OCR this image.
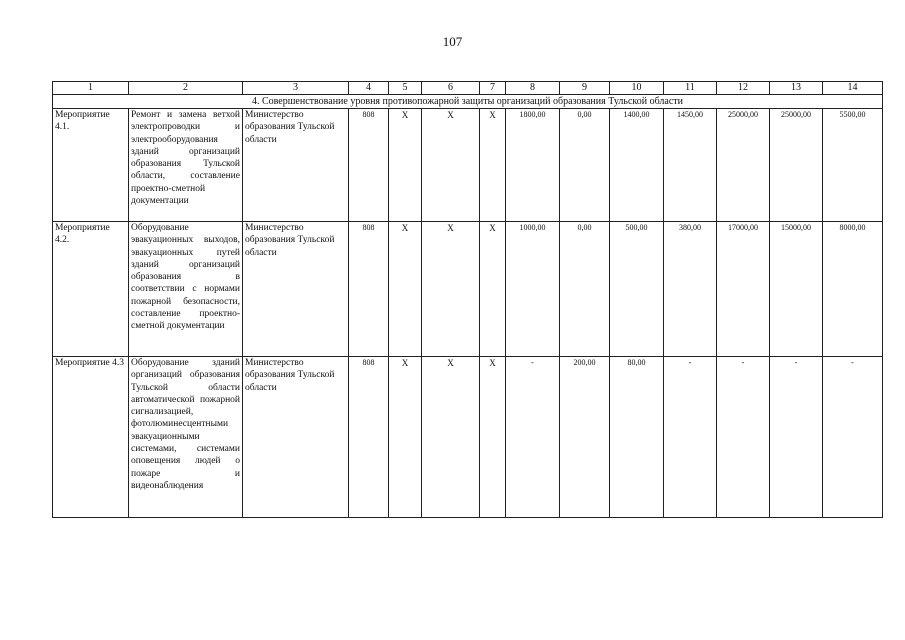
107
1	2	3	4	5	6	7	8	9	10	11	12	13	14
4. Совершенствование уровня противопожарной защиты организаций образования Тульской области													
Мероприятие 4.1.	Ремонт и замена ветхой электропроводки и электрооборудования зданий организаций образования Тульской области, составление проектно-сметной документации	Министерство образования Тульской области	808	X	X	X	1800,00	0,00	1400,00	1450,00	25000,00	25000,00	5500,00
Мероприятие 4.2.	Оборудование эвакуационных выходов, эвакуационных путей зданий организаций образования в соответствии с нормами пожарной безопасности, составление проектно-сметной документации	Министерство образования Тульской области	808	X	X	X	1000,00	0,00	500,00	380,00	17000,00	15000,00	8000,00
Мероприятие 4.3	Оборудование зданий организаций образования Тульской области автоматической пожарной сигнализацией, фотолюминесцентными эвакуационными системами, системами оповещения людей о пожаре и видеонаблюдения	Министерство образования Тульской области	808	X	X	X	-	200,00	80,00	-	-	-	-
